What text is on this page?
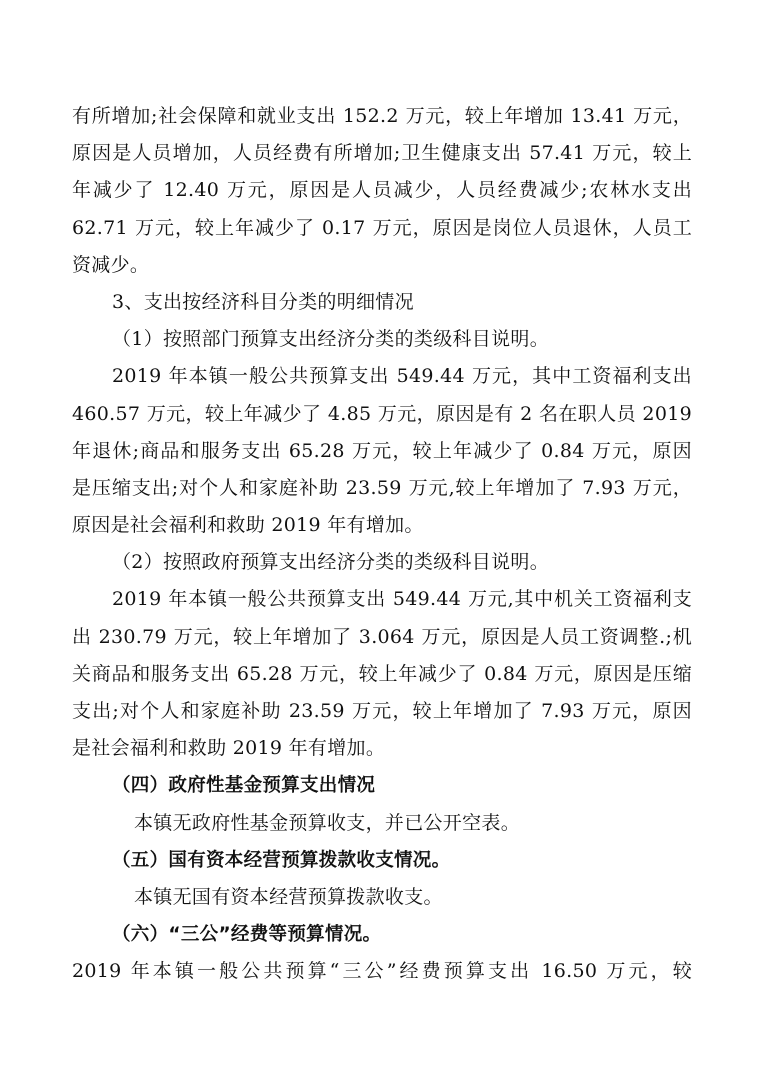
有所增加;社会保障和就业支出 152.2 万元，较上年增加 13.41 万元，
原因是人员增加，人员经费有所增加;卫生健康支出 57.41 万元，较上
年减少了 12.40 万元，原因是人员减少，人员经费减少;农林水支出
62.71 万元，较上年减少了 0.17 万元，原因是岗位人员退休，人员工
资减少。
3、支出按经济科目分类的明细情况
（1）按照部门预算支出经济分类的类级科目说明。
2019 年本镇一般公共预算支出 549.44 万元，其中工资福利支出
460.57 万元，较上年减少了 4.85 万元，原因是有 2 名在职人员 2019
年退休;商品和服务支出 65.28 万元，较上年减少了 0.84 万元，原因
是压缩支出;对个人和家庭补助 23.59 万元,较上年增加了 7.93 万元，
原因是社会福利和救助 2019 年有增加。
（2）按照政府预算支出经济分类的类级科目说明。
2019 年本镇一般公共预算支出 549.44 万元,其中机关工资福利支
出 230.79 万元，较上年增加了 3.064 万元，原因是人员工资调整.;机
关商品和服务支出 65.28 万元，较上年减少了 0.84 万元，原因是压缩
支出;对个人和家庭补助 23.59 万元，较上年增加了 7.93 万元，原因
是社会福利和救助 2019 年有增加。
（四）政府性基金预算支出情况
本镇无政府性基金预算收支，并已公开空表。
（五）国有资本经营预算拨款收支情况。
本镇无国有资本经营预算拨款收支。
（六）“三公”经费等预算情况。
2019 年本镇一般公共预算“三公”经费预算支出 16.50 万元，较
